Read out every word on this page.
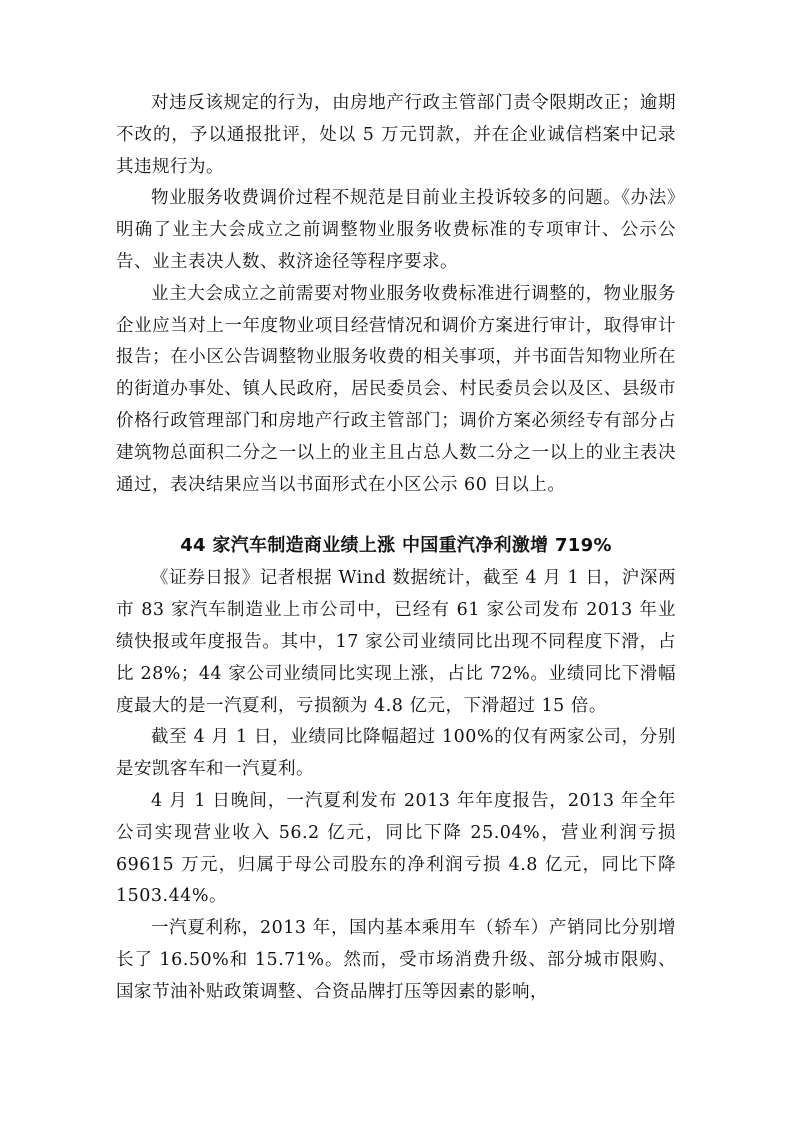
对违反该规定的行为，由房地产行政主管部门责令限期改正；逾期不改的，予以通报批评，处以 5 万元罚款，并在企业诚信档案中记录其违规行为。

物业服务收费调价过程不规范是目前业主投诉较多的问题。《办法》明确了业主大会成立之前调整物业服务收费标准的专项审计、公示公告、业主表决人数、救济途径等程序要求。

业主大会成立之前需要对物业服务收费标准进行调整的，物业服务企业应当对上一年度物业项目经营情况和调价方案进行审计，取得审计报告；在小区公告调整物业服务收费的相关事项，并书面告知物业所在的街道办事处、镇人民政府，居民委员会、村民委员会以及区、县级市价格行政管理部门和房地产行政主管部门；调价方案必须经专有部分占建筑物总面积二分之一以上的业主且占总人数二分之一以上的业主表决通过，表决结果应当以书面形式在小区公示 60 日以上。

44 家汽车制造商业绩上涨 中国重汽净利激增 719%

《证券日报》记者根据 Wind 数据统计，截至 4 月 1 日，沪深两市 83 家汽车制造业上市公司中，已经有 61 家公司发布 2013 年业绩快报或年度报告。其中，17 家公司业绩同比出现不同程度下滑，占比 28%；44 家公司业绩同比实现上涨，占比 72%。业绩同比下滑幅度最大的是一汽夏利，亏损额为 4.8 亿元，下滑超过 15 倍。

截至 4 月 1 日，业绩同比降幅超过 100%的仅有两家公司，分别是安凯客车和一汽夏利。

4 月 1 日晚间，一汽夏利发布 2013 年年度报告，2013 年全年公司实现营业收入 56.2 亿元，同比下降 25.04%，营业利润亏损 69615 万元，归属于母公司股东的净利润亏损 4.8 亿元，同比下降 1503.44%。

一汽夏利称，2013 年，国内基本乘用车（轿车）产销同比分别增长了 16.50%和 15.71%。然而，受市场消费升级、部分城市限购、国家节油补贴政策调整、合资品牌打压等因素的影响，
